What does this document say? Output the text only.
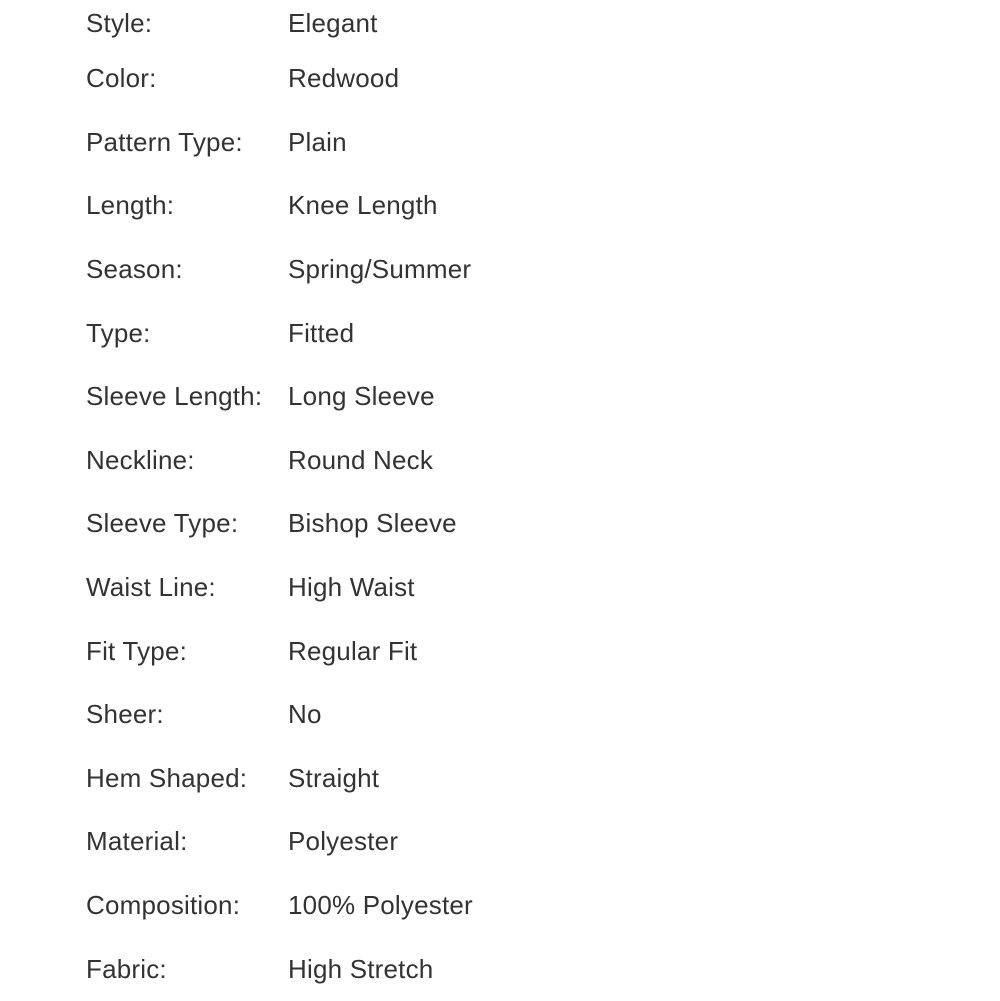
Style:	Elegant
Color:	Redwood
Pattern Type:	Plain
Length:	Knee Length
Season:	Spring/Summer
Type:	Fitted
Sleeve Length: Long Sleeve
Neckline:	Round Neck
Sleeve Type:	Bishop Sleeve
Waist Line:	High Waist
Fit Type:	Regular Fit
Sheer:	No
Hem Shaped:	Straight
Material:	Polyester
Composition:	100% Polyester
Fabric:	High Stretch
